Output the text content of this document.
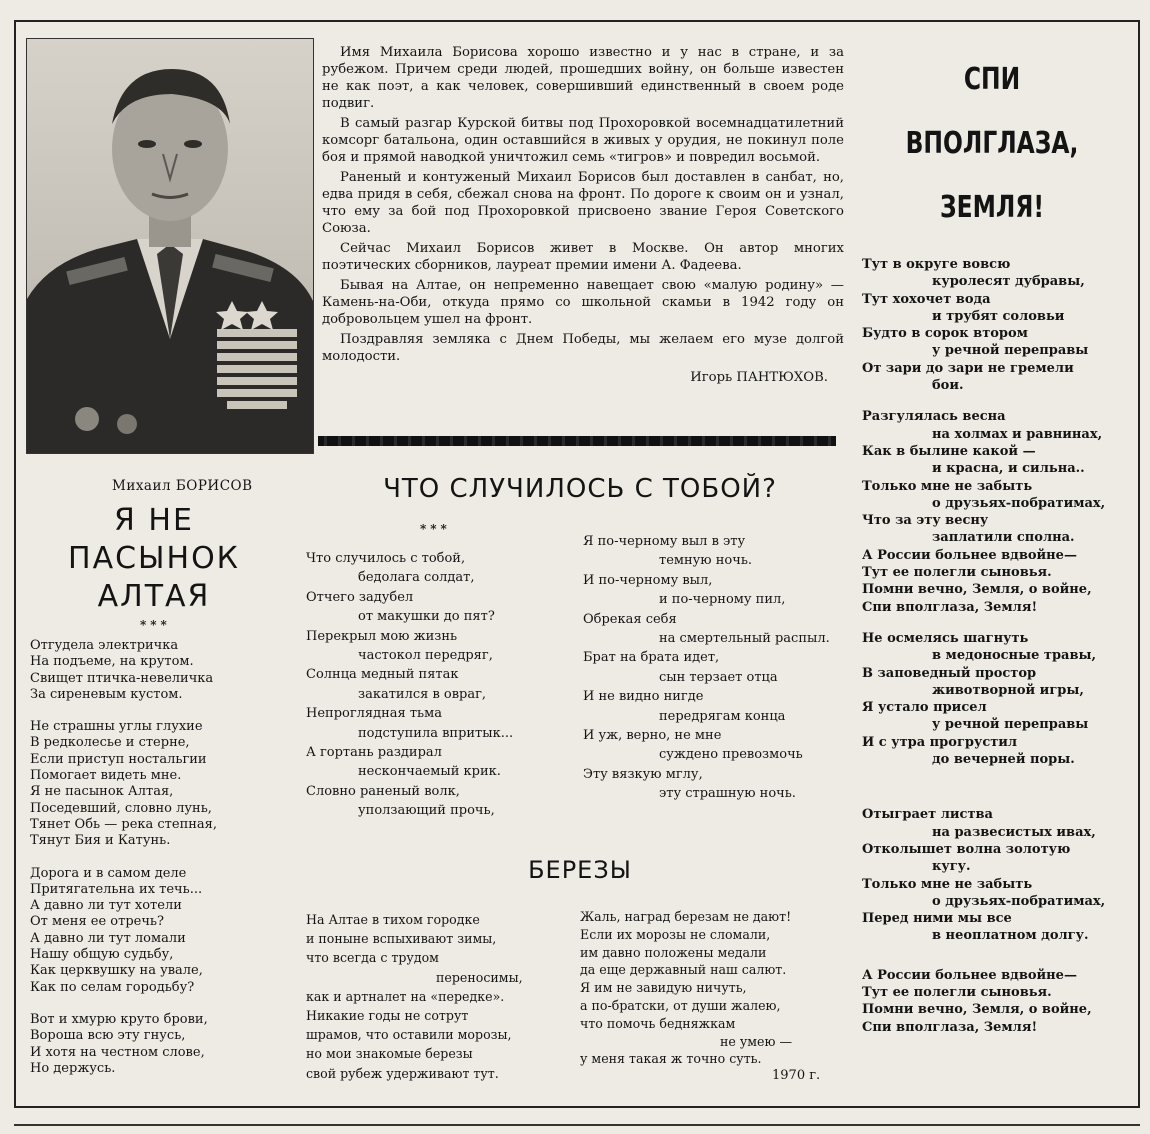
Имя Михаила Борисова хорошо известно и у нас в стране, и за рубежом. Причем среди людей, прошедших войну, он больше известен не как поэт, а как человек, совершивший единственный в своем роде подвиг.

В самый разгар Курской битвы под Прохоровкой восемнадцатилетний комсорг батальона, один оставшийся в живых у орудия, не покинул поле боя и прямой наводкой уничтожил семь «тигров» и повредил восьмой.

Раненый и контуженый Михаил Борисов был доставлен в санбат, но, едва придя в себя, сбежал снова на фронт. По дороге к своим он и узнал, что ему за бой под Прохоровкой присвоено звание Героя Советского Союза.

Сейчас Михаил Борисов живет в Москве. Он автор многих поэтических сборников, лауреат премии имени А. Фадеева.

Бывая на Алтае, он непременно навещает свою «малую родину» — Камень-на-Оби, откуда прямо со школьной скамьи в 1942 году он добровольцем ушел на фронт.

Поздравляя земляка с Днем Победы, мы желаем его музе долгой молодости.

Игорь ПАНТЮХОВ.

СПИ
ВПОЛГЛАЗА,
ЗЕМЛЯ!
Тут в округе вовсю
куролесят дубравы,
Тут хохочет вода
и трубят соловьи
Будто в сорок втором
у речной переправы
От зари до зари не гремели
бои.
Разгулялась весна
на холмах и равнинах,
Как в былине какой —
и красна, и сильна..
Только мне не забыть
о друзьях-побратимах,
Что за эту весну
заплатили сполна.
А России больнее вдвойне—
Тут ее полегли сыновья.
Помни вечно, Земля, о войне,
Спи вполглаза, Земля!
Не осмелясь шагнуть
в медоносные травы,
В заповедный простор
животворной игры,
Я устало присел
у речной переправы
И с утра прогрустил
до вечерней поры.
Отыграет листва
на развесистых ивах,
Отколышет волна золотую
кугу.
Только мне не забыть
о друзьях-побратимах,
Перед ними мы все
в неоплатном долгу.
А России больнее вдвойне—
Тут ее полегли сыновья.
Помни вечно, Земля, о войне,
Спи вполглаза, Земля!
Михаил БОРИСОВ
Я НЕ
ПАСЫНОК
АЛТАЯ
***
Отгудела электричка
На подъеме, на крутом.
Свищет птичка-невеличка
За сиреневым кустом.
Не страшны углы глухие
В редколесье и стерне,
Если приступ ностальгии
Помогает видеть мне.
Я не пасынок Алтая,
Поседевший, словно лунь,
Тянет Обь — река степная,
Тянут Бия и Катунь.
Дорога и в самом деле
Притягательна их течь...
А давно ли тут хотели
От меня ее отречь?
А давно ли тут ломали
Нашу общую судьбу,
Как церквушку на увале,
Как по селам городьбу?
Вот и хмурю круто брови,
Вороша всю эту гнусь,
И хотя на честном слове,
Но держусь.
ЧТО СЛУЧИЛОСЬ С ТОБОЙ?
***
Что случилось с тобой,
бедолага солдат,
Отчего задубел
от макушки до пят?
Перекрыл мою жизнь
частокол передряг,
Солнца медный пятак
закатился в овраг,
Непроглядная тьма
подступила впритык...
А гортань раздирал
нескончаемый крик.
Словно раненый волк,
уползающий прочь,
Я по-черному выл в эту
темную ночь.
И по-черному выл,
и по-черному пил,
Обрекая себя
на смертельный распыл.
Брат на брата идет,
сын терзает отца
И не видно нигде
передрягам конца
И уж, верно, не мне
суждено превозмочь
Эту вязкую мглу,
эту страшную ночь.
БЕРЕЗЫ
На Алтае в тихом городке
и поныне вспыхивают зимы,
что всегда с трудом
переносимы,
как и артналет на «передке».
Никакие годы не сотрут
шрамов, что оставили морозы,
но мои знакомые березы
свой рубеж удерживают тут.
Жаль, наград березам не дают!
Если их морозы не сломали,
им давно положены медали
да еще державный наш салют.
Я им не завидую ничуть,
а по-братски, от души жалею,
что помочь бедняжкам
не умею —
у меня такая ж точно суть.
1970 г.
